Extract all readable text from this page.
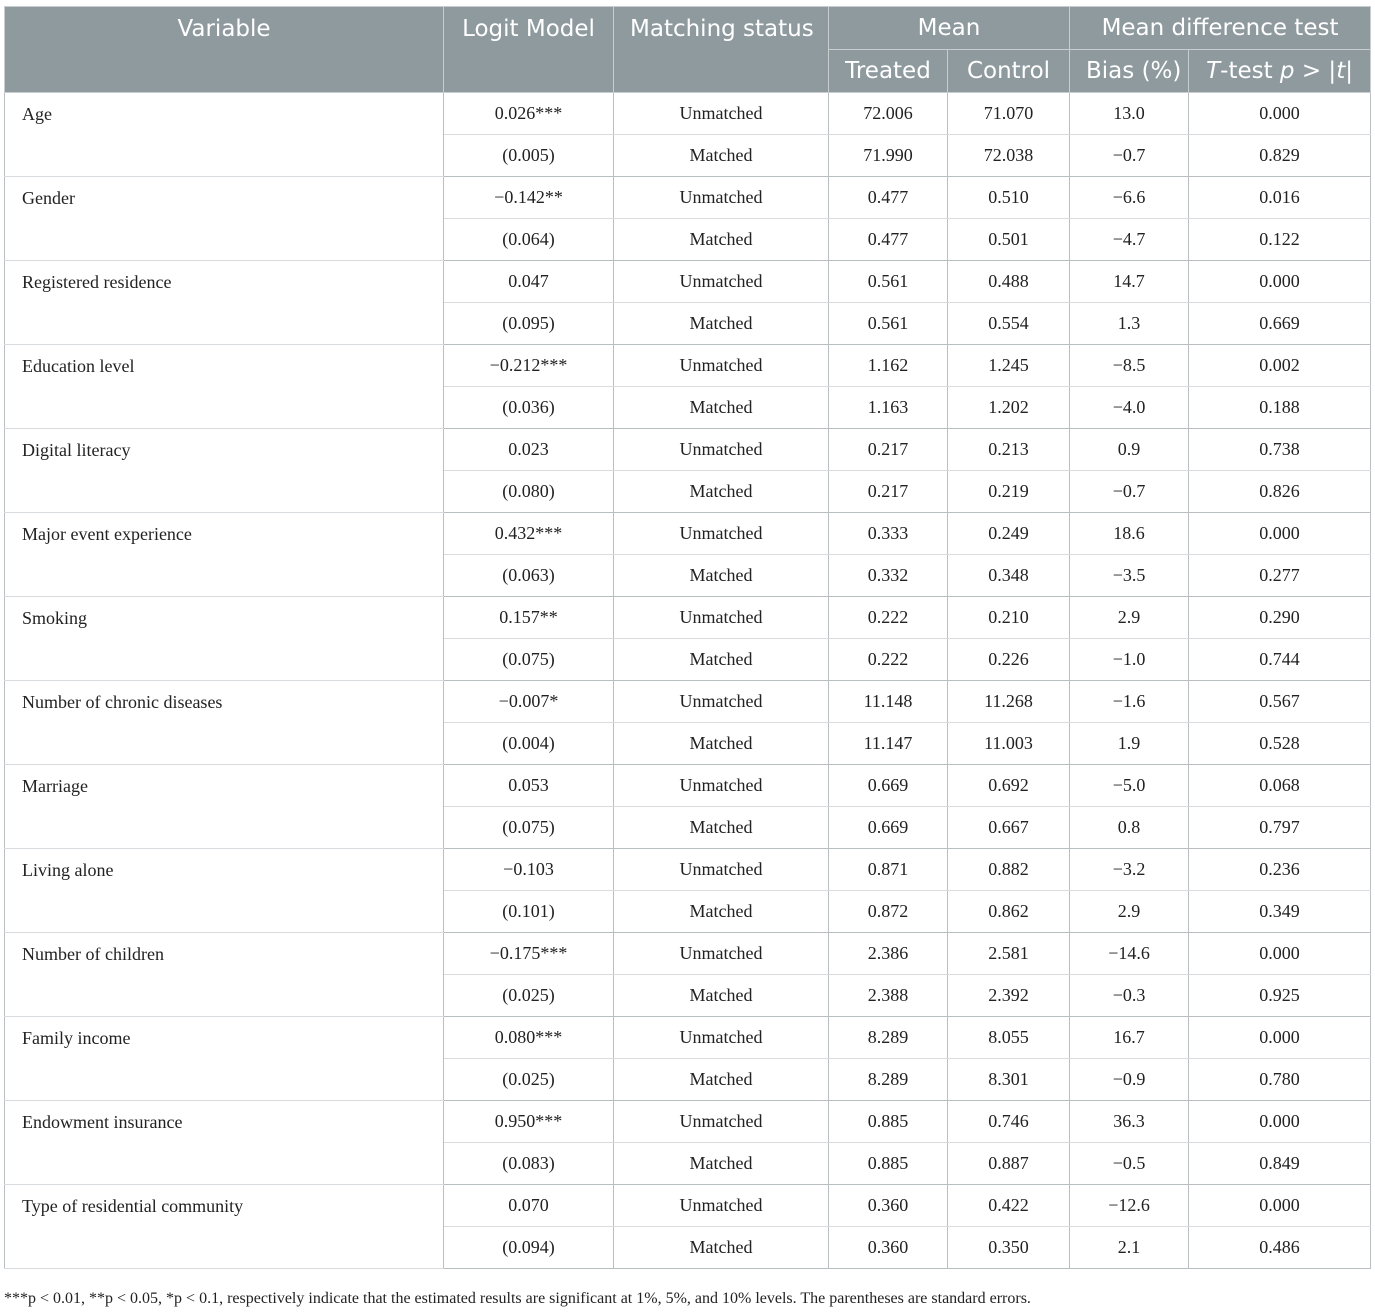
Variable	Logit Model	Matching status	Mean		Mean difference test	
			Treated	Control	Bias (%)	T-test p > |t|
Age	0.026***	Unmatched	72.006	71.070	13.0	0.000
	(0.005)	Matched	71.990	72.038	−0.7	0.829
Gender	−0.142**	Unmatched	0.477	0.510	−6.6	0.016
	(0.064)	Matched	0.477	0.501	−4.7	0.122
Registered residence	0.047	Unmatched	0.561	0.488	14.7	0.000
	(0.095)	Matched	0.561	0.554	1.3	0.669
Education level	−0.212***	Unmatched	1.162	1.245	−8.5	0.002
	(0.036)	Matched	1.163	1.202	−4.0	0.188
Digital literacy	0.023	Unmatched	0.217	0.213	0.9	0.738
	(0.080)	Matched	0.217	0.219	−0.7	0.826
Major event experience	0.432***	Unmatched	0.333	0.249	18.6	0.000
	(0.063)	Matched	0.332	0.348	−3.5	0.277
Smoking	0.157**	Unmatched	0.222	0.210	2.9	0.290
	(0.075)	Matched	0.222	0.226	−1.0	0.744
Number of chronic diseases	−0.007*	Unmatched	11.148	11.268	−1.6	0.567
	(0.004)	Matched	11.147	11.003	1.9	0.528
Marriage	0.053	Unmatched	0.669	0.692	−5.0	0.068
	(0.075)	Matched	0.669	0.667	0.8	0.797
Living alone	−0.103	Unmatched	0.871	0.882	−3.2	0.236
	(0.101)	Matched	0.872	0.862	2.9	0.349
Number of children	−0.175***	Unmatched	2.386	2.581	−14.6	0.000
	(0.025)	Matched	2.388	2.392	−0.3	0.925
Family income	0.080***	Unmatched	8.289	8.055	16.7	0.000
	(0.025)	Matched	8.289	8.301	−0.9	0.780
Endowment insurance	0.950***	Unmatched	0.885	0.746	36.3	0.000
	(0.083)	Matched	0.885	0.887	−0.5	0.849
Type of residential community	0.070	Unmatched	0.360	0.422	−12.6	0.000
	(0.094)	Matched	0.360	0.350	2.1	0.486
***p < 0.01, **p < 0.05, *p < 0.1, respectively indicate that the estimated results are significant at 1%, 5%, and 10% levels. The parentheses are standard errors.
